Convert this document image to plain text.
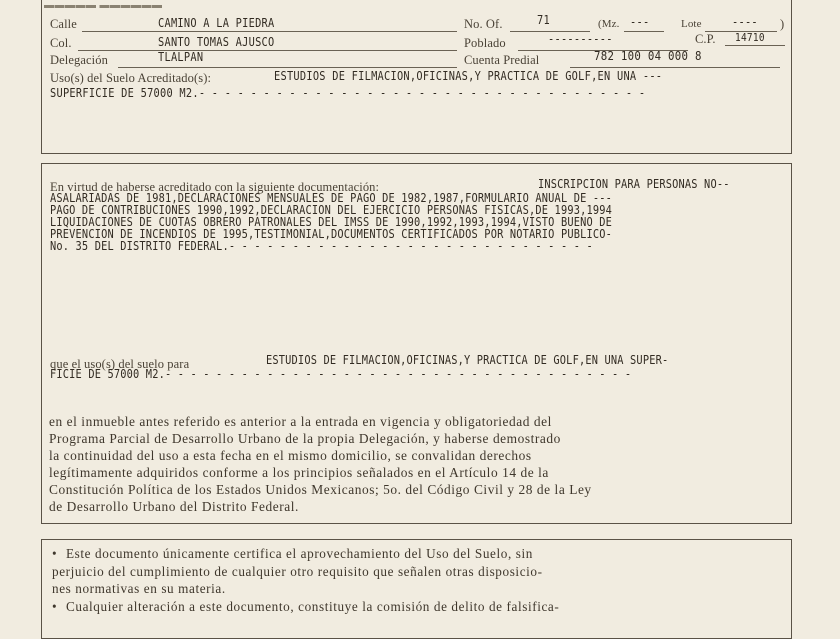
▬▬▬▬▬ ▬▬▬▬▬▬
Calle	CAMINO A LA PIEDRA	No. Of.	71	(Mz. ---	Lote	---- )
Col.	SANTO TOMAS AJUSCO	Poblado	----------	C.P. 14710
Delegación	TLALPAN	Cuenta Predial	782 100 04 000 8
Uso(s) del Suelo Acreditado(s):	ESTUDIOS DE FILMACION,OFICINAS,Y PRACTICA DE GOLF,EN UNA ---
SUPERFICIE DE 57000 M2.- - - - - - - - - - - - - - - - - - - - - - - - - - - - - - - - - - -
En virtud de haberse acreditado con la siguiente documentación:	INSCRIPCION PARA PERSONAS NO--
ASALARIADAS DE 1981,DECLARACIONES MENSUALES DE PAGO DE 1982,1987,FORMULARIO ANUAL DE ---
PAGO DE CONTRIBUCIONES 1990,1992,DECLARACION DEL EJERCICIO PERSONAS FISICAS,DE 1993,1994
LIQUIDACIONES DE CUOTAS OBRERO PATRONALES DEL IMSS DE 1990,1992,1993,1994,VISTO BUENO DE
PREVENCION DE INCENDIOS DE 1995,TESTIMONIAL,DOCUMENTOS CERTIFICADOS POR NOTARIO PUBLICO-
No. 35 DEL DISTRITO FEDERAL.- - - - - - - - - - - - - - - - - - - - - - - - - - - - -
que el uso(s) del suelo para	ESTUDIOS DE FILMACION,OFICINAS,Y PRACTICA DE GOLF,EN UNA SUPER-
FICIE DE 57000 M2.- - - - - - - - - - - - - - - - - - - - - - - - - - - - - - - - - - - - -
en el inmueble antes referido es anterior a la entrada en vigencia y obligatoriedad del
Programa Parcial de Desarrollo Urbano de la propia Delegación, y haberse demostrado
la continuidad del uso a esta fecha en el mismo domicilio, se convalidan derechos
legítimamente adquiridos conforme a los principios señalados en el Artículo 14 de la
Constitución Política de los Estados Unidos Mexicanos; 5o. del Código Civil y 28 de la Ley
de Desarrollo Urbano del Distrito Federal.
• Este documento únicamente certifica el aprovechamiento del Uso del Suelo, sin
perjuicio del cumplimiento de cualquier otro requisito que señalen otras disposicio-
nes normativas en su materia.
• Cualquier alteración a este documento, constituye la comisión de delito de falsifica-
